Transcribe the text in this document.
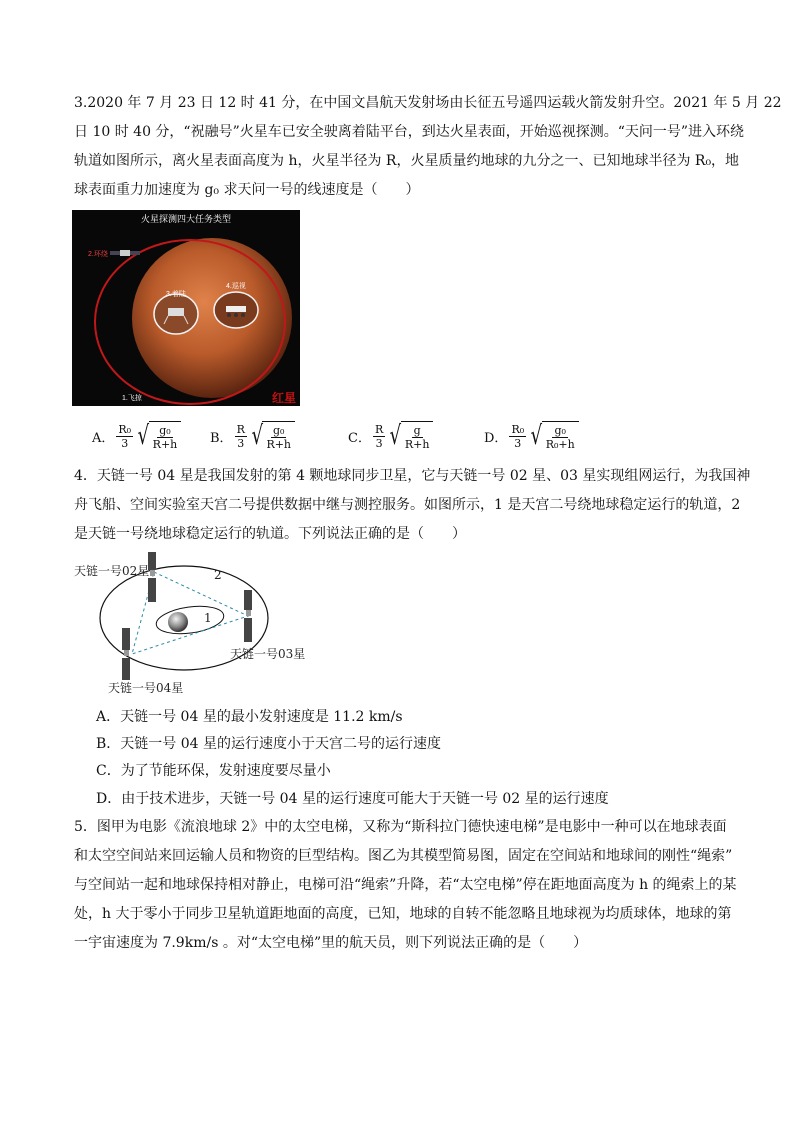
3.2020 年 7 月 23 日 12 时 41 分，在中国文昌航天发射场由长征五号遥四运载火箭发射升空。2021 年 5 月 22
日 10 时 40 分，“祝融号”火星车已安全驶离着陆平台，到达火星表面，开始巡视探测。“天问一号”进入环绕
轨道如图所示，离火星表面高度为 h，火星半径为 R，火星质量约地球的九分之一、已知地球半径为 R₀，地
球表面重力加速度为 g₀ 求天问一号的线速度是（　　）
火星探测四大任务类型
2.环绕
3.着陆
4.巡视
1.飞掠	红星
A． $\frac{\text{R₀}}{3}$ √ $\frac{\text{g₀}}{R+h}$ B． $\frac{R}{3}$ √ $\frac{\text{g₀}}{R+h}$	C． $\frac{R}{3}$ √ $\frac{g}{R+h}$	D． $\frac{\text{R₀}}{3}$ √ $\frac{\text{g₀}}{\text{R₀+h}}$
4．天链一号 04 星是我国发射的第 4 颗地球同步卫星，它与天链一号 02 星、03 星实现组网运行，为我国神
舟飞船、空间实验室天宫二号提供数据中继与测控服务。如图所示，1 是天宫二号绕地球稳定运行的轨道，2
是天链一号绕地球稳定运行的轨道。下列说法正确的是（　　）
天链一号02星
天链一号03星
天链一号04星
1
2
A．天链一号 04 星的最小发射速度是 11.2 km/s
B．天链一号 04 星的运行速度小于天宫二号的运行速度
C．为了节能环保，发射速度要尽量小
D．由于技术进步，天链一号 04 星的运行速度可能大于天链一号 02 星的运行速度
5．图甲为电影《流浪地球 2》中的太空电梯，又称为“斯科拉门德快速电梯”是电影中一种可以在地球表面
和太空空间站来回运输人员和物资的巨型结构。图乙为其模型简易图，固定在空间站和地球间的刚性“绳索”
与空间站一起和地球保持相对静止，电梯可沿“绳索”升降，若“太空电梯”停在距地面高度为 h 的绳索上的某
处，h 大于零小于同步卫星轨道距地面的高度，已知，地球的自转不能忽略且地球视为均质球体，地球的第
一宇宙速度为 7.9km/s 。对“太空电梯”里的航天员，则下列说法正确的是（　　）
